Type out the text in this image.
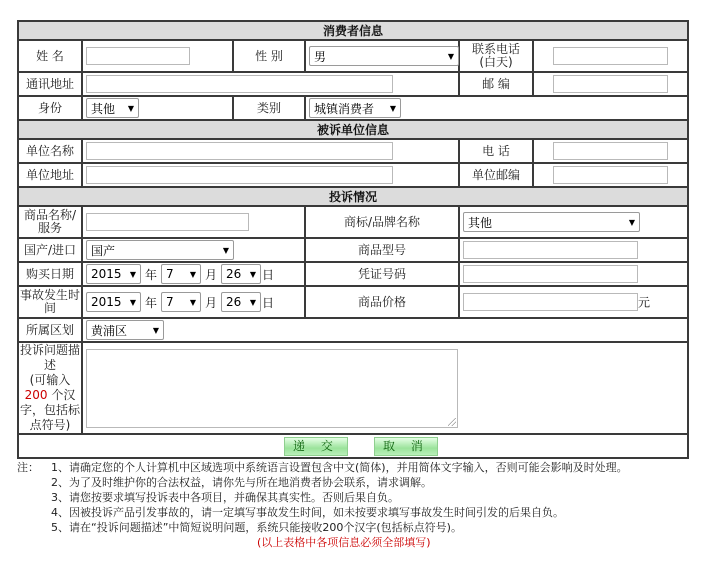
消费者信息					
姓 名		性 别	男 ▼	联系电话
(白天)	
通讯地址				邮 编	
身份	其他 ▼	类别	城镇消费者 ▼		

被诉单位信息					
单位名称				电 话	
单位地址				单位邮编	
投诉情况					
商品名称/
服务			商标/品牌名称	其他 ▼	

国产/进口	国产 ▼		商品型号		
购买日期	2015 ▼ 年 7 ▼ 月 26 ▼ 日	凭证号码	
事故发生时
间	2015 ▼ 年 7 ▼ 月 26 ▼ 日	商品价格	元
所属区划	黄浦区 ▼				

投诉问题描
述
(可输入
200 个汉
字，包括标
点符号)	

递 交 取 消					
注： 1、请确定您的个人计算机中区域选项中系统语言设置包含中文(简体)，并用简体文字输入，否则可能会影响及时处理。
2、为了及时维护你的合法权益，请你先与所在地消费者协会联系，请求调解。
3、请您按要求填写投诉表中各项目，并确保其真实性。否则后果自负。
4、因被投诉产品引发事故的，请一定填写事故发生时间，如未按要求填写事故发生时间引发的后果自负。
5、请在“投诉问题描述”中简短说明问题，系统只能接收200个汉字(包括标点符号)。
(以上表格中各项信息必须全部填写)
